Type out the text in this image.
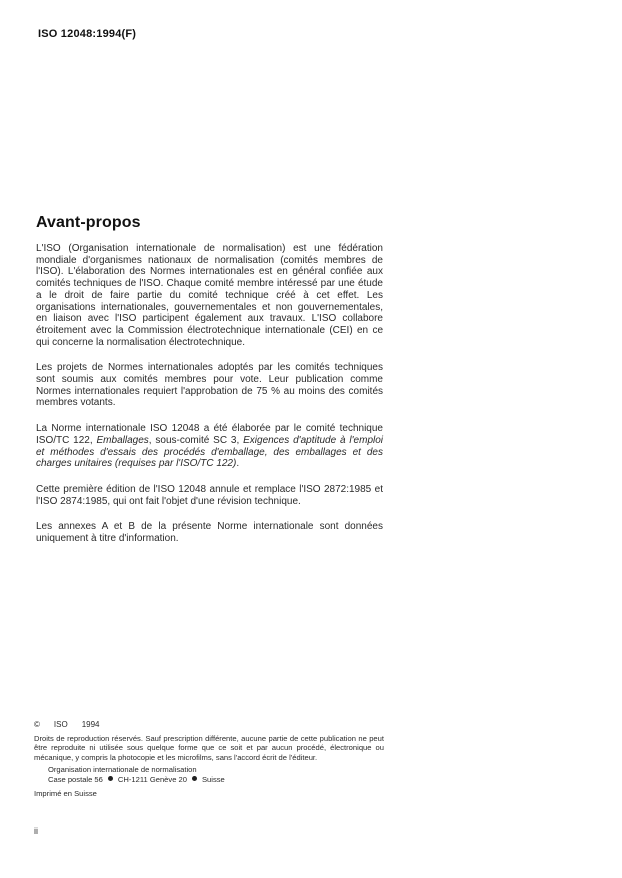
ISO 12048:1994(F)
Avant-propos

L'ISO (Organisation internationale de normalisation) est une fédération mondiale d'organismes nationaux de normalisation (comités membres de l'ISO). L'élaboration des Normes internationales est en général confiée aux comités techniques de l'ISO. Chaque comité membre intéressé par une étude a le droit de faire partie du comité technique créé à cet effet. Les organisations internationales, gouvernementales et non gouvernementales, en liaison avec l'ISO participent également aux travaux. L'ISO collabore étroitement avec la Commission électrotechnique internationale (CEI) en ce qui concerne la normalisation électrotechnique.

Les projets de Normes internationales adoptés par les comités techniques sont soumis aux comités membres pour vote. Leur publication comme Normes internationales requiert l'approbation de 75 % au moins des comités membres votants.

La Norme internationale ISO 12048 a été élaborée par le comité technique ISO/TC 122, Emballages, sous-comité SC 3, Exigences d'aptitude à l'emploi et méthodes d'essais des procédés d'emballage, des emballages et des charges unitaires (requises par l'ISO/TC 122).

Cette première édition de l'ISO 12048 annule et remplace l'ISO 2872:1985 et l'ISO 2874:1985, qui ont fait l'objet d'une révision technique.

Les annexes A et B de la présente Norme internationale sont données uniquement à titre d'information.

© ISO 1994

Droits de reproduction réservés. Sauf prescription différente, aucune partie de cette publication ne peut être reproduite ni utilisée sous quelque forme que ce soit et par aucun procédé, électronique ou mécanique, y compris la photocopie et les microfilms, sans l'accord écrit de l'éditeur.

Organisation internationale de normalisation
Case postale 56 CH-1211 Genève 20 Suisse
Imprimé en Suisse
ii
